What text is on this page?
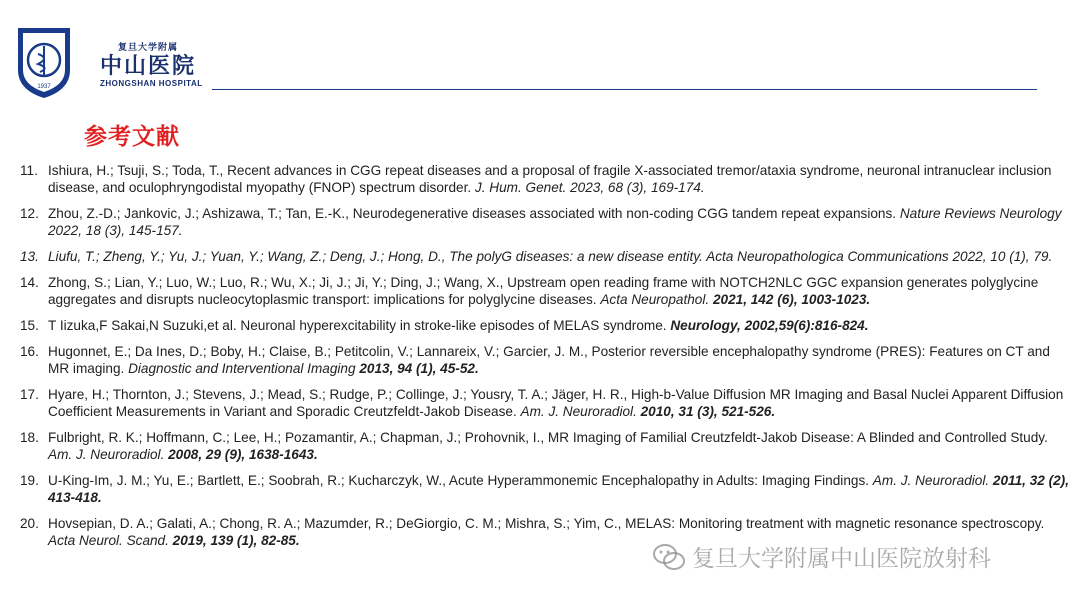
1937
复旦大学附属
中山医院
ZHONGSHAN HOSPITAL
参考文献
11. Ishiura, H.; Tsuji, S.; Toda, T., Recent advances in CGG repeat diseases and a proposal of fragile X-associated tremor/ataxia syndrome, neuronal intranuclear inclusion disease, and oculophryngodistal myopathy (FNOP) spectrum disorder. J. Hum. Genet. 2023, 68 (3), 169-174.
12. Zhou, Z.-D.; Jankovic, J.; Ashizawa, T.; Tan, E.-K., Neurodegenerative diseases associated with non-coding CGG tandem repeat expansions. Nature Reviews Neurology 2022, 18 (3), 145-157.
13. Liufu, T.; Zheng, Y.; Yu, J.; Yuan, Y.; Wang, Z.; Deng, J.; Hong, D., The polyG diseases: a new disease entity. Acta Neuropathologica Communications 2022, 10 (1), 79.
14. Zhong, S.; Lian, Y.; Luo, W.; Luo, R.; Wu, X.; Ji, J.; Ji, Y.; Ding, J.; Wang, X., Upstream open reading frame with NOTCH2NLC GGC expansion generates polyglycine aggregates and disrupts nucleocytoplasmic transport: implications for polyglycine diseases. Acta Neuropathol. 2021, 142 (6), 1003-1023.
15. T Iizuka,F Sakai,N Suzuki,et al. Neuronal hyperexcitability in stroke-like episodes of MELAS syndrome. Neurology, 2002,59(6):816-824.
16. Hugonnet, E.; Da Ines, D.; Boby, H.; Claise, B.; Petitcolin, V.; Lannareix, V.; Garcier, J. M., Posterior reversible encephalopathy syndrome (PRES): Features on CT and MR imaging. Diagnostic and Interventional Imaging 2013, 94 (1), 45-52.
17. Hyare, H.; Thornton, J.; Stevens, J.; Mead, S.; Rudge, P.; Collinge, J.; Yousry, T. A.; Jäger, H. R., High-b-Value Diffusion MR Imaging and Basal Nuclei Apparent Diffusion Coefficient Measurements in Variant and Sporadic Creutzfeldt-Jakob Disease. Am. J. Neuroradiol. 2010, 31 (3), 521-526.
18. Fulbright, R. K.; Hoffmann, C.; Lee, H.; Pozamantir, A.; Chapman, J.; Prohovnik, I., MR Imaging of Familial Creutzfeldt-Jakob Disease: A Blinded and Controlled Study. Am. J. Neuroradiol. 2008, 29 (9), 1638-1643.
19. U-King-Im, J. M.; Yu, E.; Bartlett, E.; Soobrah, R.; Kucharczyk, W., Acute Hyperammonemic Encephalopathy in Adults: Imaging Findings. Am. J. Neuroradiol. 2011, 32 (2), 413-418.
20. Hovsepian, D. A.; Galati, A.; Chong, R. A.; Mazumder, R.; DeGiorgio, C. M.; Mishra, S.; Yim, C., MELAS: Monitoring treatment with magnetic resonance spectroscopy. Acta Neurol. Scand. 2019, 139 (1), 82-85.
复旦大学附属中山医院放射科
